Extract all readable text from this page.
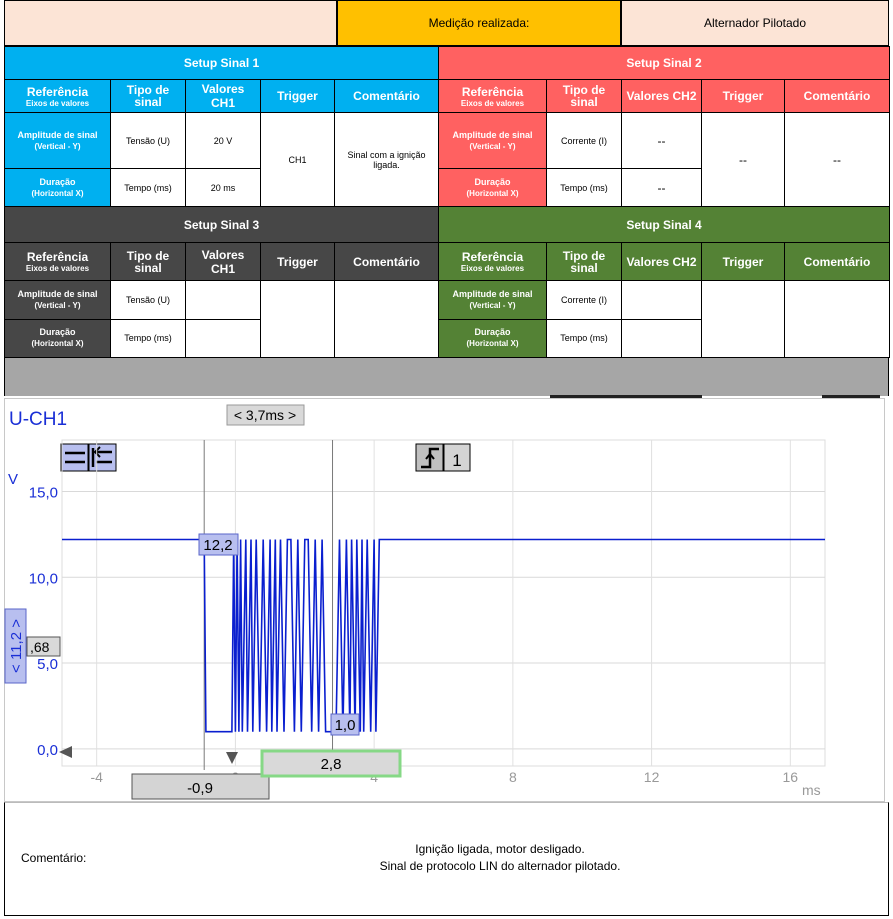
Medição realizada:	Alternador Pilotado
Setup Sinal 1				
Referência
Eixos de valores	Tipo de sinal	Valores CH1	Trigger	Comentário
Amplitude de sinal
(Vertical - Y)	Tensão (U)	20 V	CH1	Sinal com a ignição ligada.
Duração
(Horizontal X)	Tempo (ms)	20 ms		
Setup Sinal 2				
Referência
Eixos de valores	Tipo de sinal	Valores CH2	Trigger	Comentário
Amplitude de sinal
(Vertical - Y)	Corrente (I)	--	--	--
Duração
(Horizontal X)	Tempo (ms)	--		
Setup Sinal 3				
Referência
Eixos de valores	Tipo de sinal	Valores CH1	Trigger	Comentário
Amplitude de sinal
(Vertical - Y)	Tensão (U)			
Duração
(Horizontal X)	Tempo (ms)			
Setup Sinal 4				
Referência
Eixos de valores	Tipo de sinal	Valores CH2	Trigger	Comentário
Amplitude de sinal
(Vertical - Y)	Corrente (I)			
Duração
(Horizontal X)	Tempo (ms)			
U-CH1	< 3,7ms >
1
V
ms
15,0
10,0
5,0
0,0
-4	8	12	16
12,2
1,0
< 11,2 > ,68
-0,9
2,8
Comentário:
Ignição ligada, motor desligado.
Sinal de protocolo LIN do alternador pilotado.
